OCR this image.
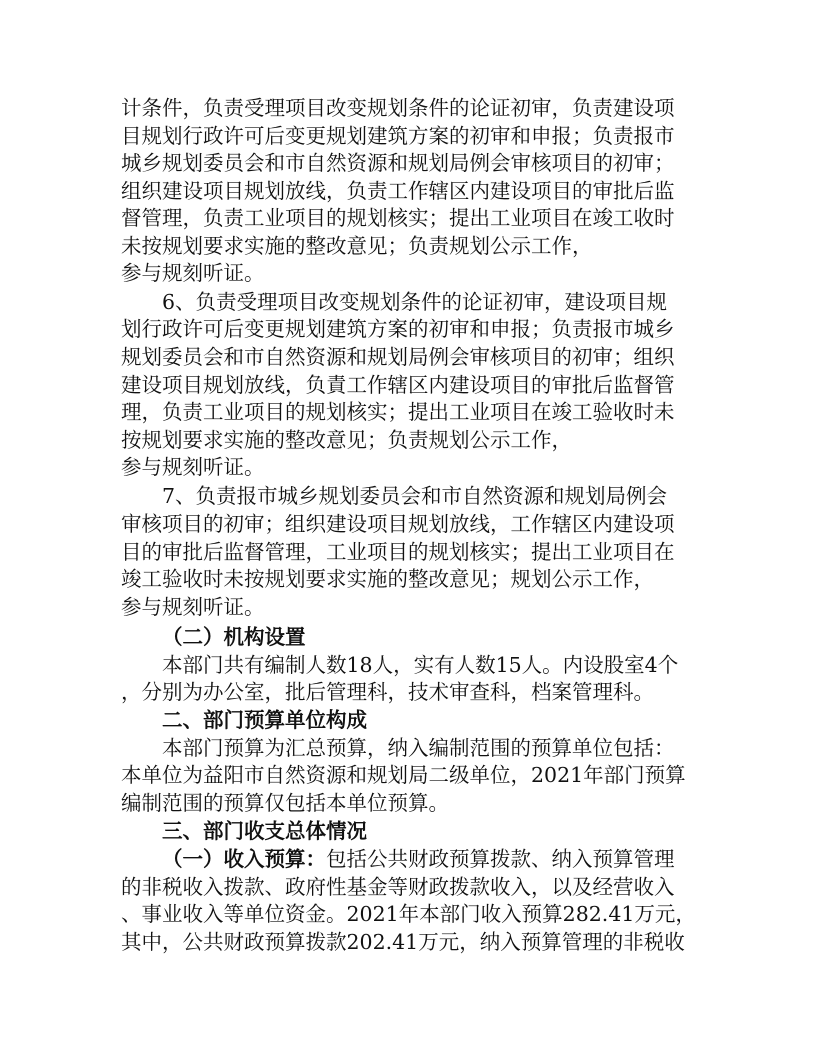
计条件，负责受理项目改变规划条件的论证初审，负责建设项
目规划行政许可后变更规划建筑方案的初审和申报；负责报市
城乡规划委员会和市自然资源和规划局例会审核项目的初审；
组织建设项目规划放线，负责工作辖区内建设项目的审批后监
督管理，负责工业项目的规划核实；提出工业项目在竣工收时
未按规划要求实施的整改意见；负责规划公示工作，
参与规刻听证。
6、负责受理项目改变规划条件的论证初审，建设项目规
划行政许可后变更规划建筑方案的初审和申报；负责报市城乡
规划委员会和市自然资源和规划局例会审核项目的初审；组织
建设项目规划放线，负責工作辖区内建设项目的审批后监督管
理，负责工业项目的规划核实；提出工业项目在竣工验收时未
按规划要求实施的整改意见；负责规划公示工作，
参与规刻听证。
7、负责报市城乡规划委员会和市自然资源和规划局例会
审核项目的初审；组织建设项目规划放线，工作辖区内建设项
目的审批后监督管理，工业项目的规划核实；提出工业项目在
竣工验收时未按规划要求实施的整改意见；规划公示工作，
参与规刻听证。
（二）机构设置
本部门共有编制人数18人，实有人数15人。内设股室4个
，分别为办公室，批后管理科，技术审查科，档案管理科。
二、部门预算单位构成
本部门预算为汇总预算，纳入编制范围的预算单位包括：
本单位为益阳市自然资源和规划局二级单位，2021年部门预算
编制范围的预算仅包括本单位预算。
三、部门收支总体情况
（一）收入预算：包括公共财政预算拨款、纳入预算管理
的非税收入拨款、政府性基金等财政拨款收入，以及经营收入
、事业收入等单位资金。2021年本部门收入预算282.41万元，
其中，公共财政预算拨款202.41万元，纳入预算管理的非税收
